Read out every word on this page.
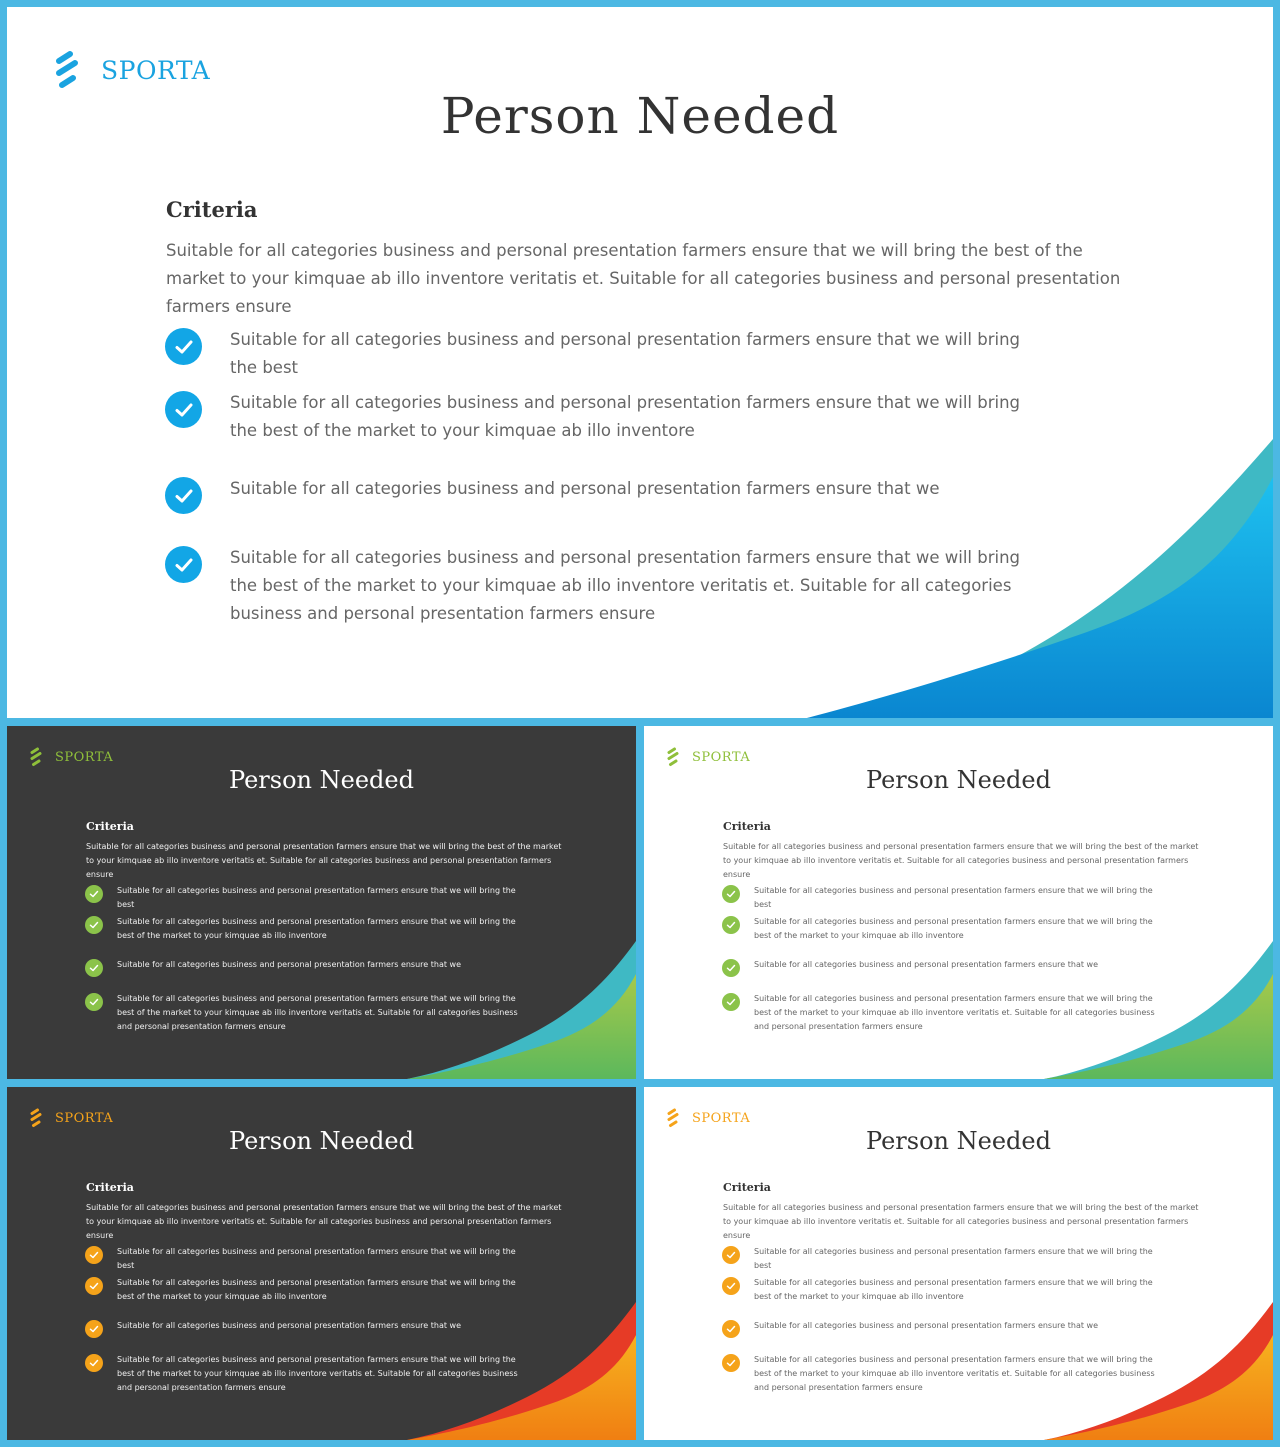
SPORTA
Person Needed
Criteria
Suitable for all categories business and personal presentation farmers ensure that we will bring the best of the market to your kimquae ab illo inventore veritatis et. Suitable for all categories business and personal presentation farmers ensure
Suitable for all categories business and personal presentation farmers ensure that we will bring the best
Suitable for all categories business and personal presentation farmers ensure that we will bring the best of the market to your kimquae ab illo inventore
Suitable for all categories business and personal presentation farmers ensure that we
Suitable for all categories business and personal presentation farmers ensure that we will bring the best of the market to your kimquae ab illo inventore veritatis et. Suitable for all categories business and personal presentation farmers ensure
SPORTA
Person Needed
Criteria
Suitable for all categories business and personal presentation farmers ensure that we will bring the best of the market to your kimquae ab illo inventore veritatis et. Suitable for all categories business and personal presentation farmers ensure
Suitable for all categories business and personal presentation farmers ensure that we will bring the best
Suitable for all categories business and personal presentation farmers ensure that we will bring the best of the market to your kimquae ab illo inventore
Suitable for all categories business and personal presentation farmers ensure that we
Suitable for all categories business and personal presentation farmers ensure that we will bring the best of the market to your kimquae ab illo inventore veritatis et. Suitable for all categories business and personal presentation farmers ensure
SPORTA
Person Needed
Criteria
Suitable for all categories business and personal presentation farmers ensure that we will bring the best of the market to your kimquae ab illo inventore veritatis et. Suitable for all categories business and personal presentation farmers ensure
Suitable for all categories business and personal presentation farmers ensure that we will bring the best
Suitable for all categories business and personal presentation farmers ensure that we will bring the best of the market to your kimquae ab illo inventore
Suitable for all categories business and personal presentation farmers ensure that we
Suitable for all categories business and personal presentation farmers ensure that we will bring the best of the market to your kimquae ab illo inventore veritatis et. Suitable for all categories business and personal presentation farmers ensure
SPORTA
Person Needed
Criteria
Suitable for all categories business and personal presentation farmers ensure that we will bring the best of the market to your kimquae ab illo inventore veritatis et. Suitable for all categories business and personal presentation farmers ensure
Suitable for all categories business and personal presentation farmers ensure that we will bring the best
Suitable for all categories business and personal presentation farmers ensure that we will bring the best of the market to your kimquae ab illo inventore
Suitable for all categories business and personal presentation farmers ensure that we
Suitable for all categories business and personal presentation farmers ensure that we will bring the best of the market to your kimquae ab illo inventore veritatis et. Suitable for all categories business and personal presentation farmers ensure
SPORTA
Person Needed
Criteria
Suitable for all categories business and personal presentation farmers ensure that we will bring the best of the market to your kimquae ab illo inventore veritatis et. Suitable for all categories business and personal presentation farmers ensure
Suitable for all categories business and personal presentation farmers ensure that we will bring the best
Suitable for all categories business and personal presentation farmers ensure that we will bring the best of the market to your kimquae ab illo inventore
Suitable for all categories business and personal presentation farmers ensure that we
Suitable for all categories business and personal presentation farmers ensure that we will bring the best of the market to your kimquae ab illo inventore veritatis et. Suitable for all categories business and personal presentation farmers ensure
